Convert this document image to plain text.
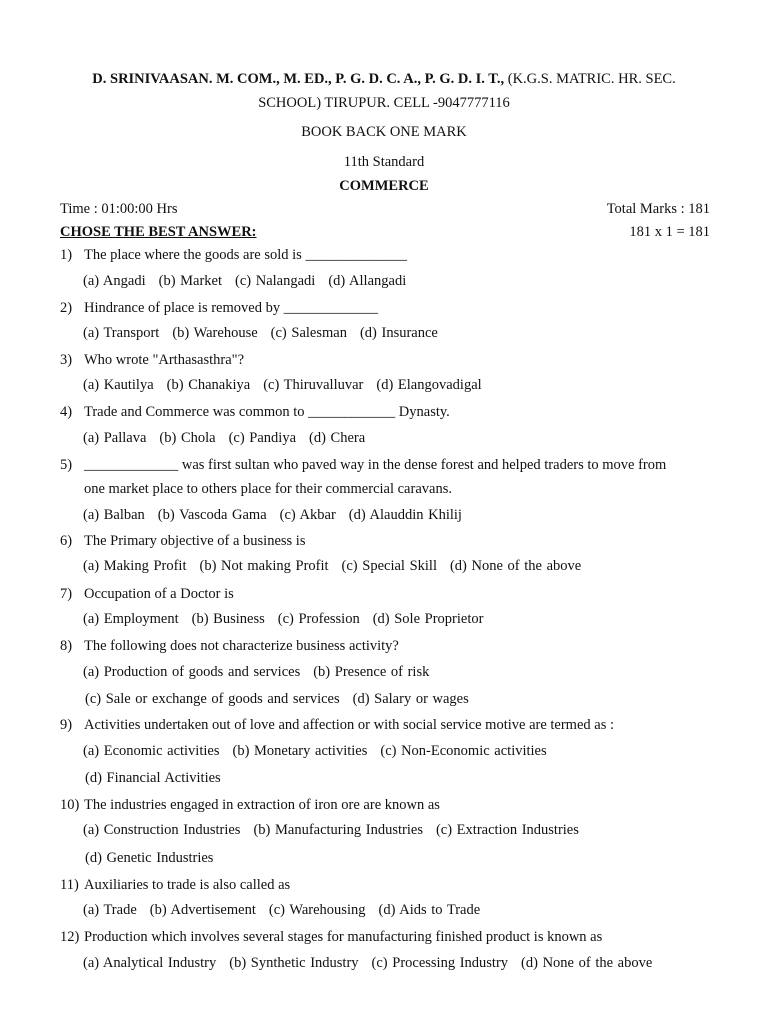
D. SRINIVAASAN. M. COM., M. ED., P. G. D. C. A., P. G. D. I. T., (K.G.S. MATRIC. HR. SEC.
SCHOOL) TIRUPUR. CELL -9047777116
BOOK BACK ONE MARK
11th Standard
COMMERCE
Time : 01:00:00 Hrs	Total Marks : 181
CHOSE THE BEST ANSWER:	181 x 1 = 181
1) The place where the goods are sold is ______________
(a) Angadi (b) Market (c) Nalangadi (d) Allangadi
2) Hindrance of place is removed by _____________
(a) Transport (b) Warehouse (c) Salesman (d) Insurance
3) Who wrote "Arthasasthra"?
(a) Kautilya (b) Chanakiya (c) Thiruvalluvar (d) Elangovadigal
4) Trade and Commerce was common to ____________ Dynasty.
(a) Pallava (b) Chola (c) Pandiya (d) Chera
5) _____________ was first sultan who paved way in the dense forest and helped traders to move from
one market place to others place for their commercial caravans.
(a) Balban (b) Vascoda Gama (c) Akbar (d) Alauddin Khilij
6) The Primary objective of a business is
(a) Making Profit (b) Not making Profit (c) Special Skill (d) None of the above
7) Occupation of a Doctor is
(a) Employment (b) Business (c) Profession (d) Sole Proprietor
8) The following does not characterize business activity?
(a) Production of goods and services (b) Presence of risk
(c) Sale or exchange of goods and services (d) Salary or wages
9) Activities undertaken out of love and affection or with social service motive are termed as :
(a) Economic activities (b) Monetary activities (c) Non-Economic activities
(d) Financial Activities
10) The industries engaged in extraction of iron ore are known as
(a) Construction Industries (b) Manufacturing Industries (c) Extraction Industries
(d) Genetic Industries
11) Auxiliaries to trade is also called as
(a) Trade (b) Advertisement (c) Warehousing (d) Aids to Trade
12) Production which involves several stages for manufacturing finished product is known as
(a) Analytical Industry (b) Synthetic Industry (c) Processing Industry (d) None of the above
